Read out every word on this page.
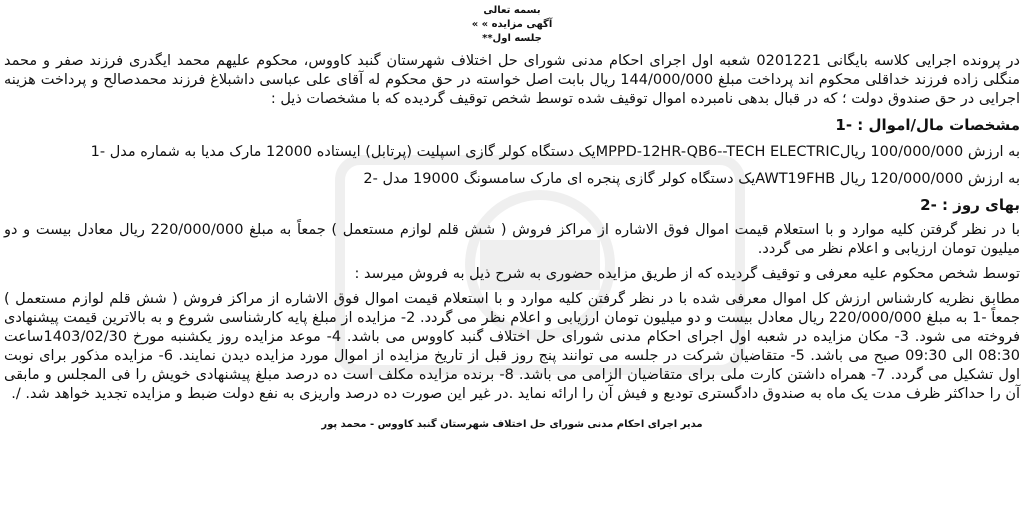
بسمه تعالی

آگهی مزایده » »

جلسه اول**

در پرونده اجرایی کلاسه بایگانی 0201221 شعبه اول اجرای احکام مدنی شورای حل اختلاف شهرستان گنبد کاووس، محکوم علیهم محمد ایگدری فرزند صفر و محمد منگلی زاده فرزند خداقلی محکوم اند پرداخت مبلغ 144/000/000 ریال بابت اصل خواسته در حق محکوم له آقای علی عباسی داشبلاغ فرزند محمدصالح و پرداخت هزینه اجرایی در حق صندوق دولت ؛ که در قبال بدهی نامبرده اموال توقیف شده توسط شخص توقیف گردیده که با مشخصات ذیل :

مشخصات مال/اموال : -1

به ارزش 100/000/000 ریالMPPD-12HR-QB6--TECH ELECTRICیک دستگاه کولر گازی اسپلیت (پرتابل) ایستاده 12000 مارک مدیا به شماره مدل -1

به ارزش 120/000/000 ریال AWT19FHBیک دستگاه کولر گازی پنجره ای مارک سامسونگ 19000 مدل -2

بهای روز : -2

با در نظر گرفتن کلیه موارد و با استعلام قیمت اموال فوق الاشاره از مراکز فروش ( شش قلم لوازم مستعمل ) جمعاً به مبلغ 220/000/000 ریال معادل بیست و دو میلیون تومان ارزیابی و اعلام نظر می گردد.

توسط شخص محکوم علیه معرفی و توقیف گردیده که از طریق مزایده حضوری به شرح ذیل به فروش میرسد :

مطابق نظریه کارشناس ارزش کل اموال معرفی شده با در نظر گرفتن کلیه موارد و با استعلام قیمت اموال فوق الاشاره از مراکز فروش ( شش قلم لوازم مستعمل ) جمعاً -1 به مبلغ 220/000/000 ریال معادل بیست و دو میلیون تومان ارزیابی و اعلام نظر می گردد. 2- مزایده از مبلغ پایه کارشناسی شروع و به بالاترین قیمت پیشنهادی فروخته می شود. 3- مکان مزایده در شعبه اول اجرای احکام مدنی شورای حل اختلاف گنبد کاووس می باشد. 4- موعد مزایده روز یکشنبه مورخ 1403/02/30ساعت 08:30 الی 09:30 صبح می باشد. 5- متقاضیان شرکت در جلسه می توانند پنج روز قبل از تاریخ مزایده از اموال مورد مزایده دیدن نمایند. 6- مزایده مذکور برای نوبت اول تشکیل می گردد. 7- همراه داشتن کارت ملی برای متقاضیان الزامی می باشد. 8- برنده مزایده مکلف است ده درصد مبلغ پیشنهادی خویش را فی المجلس و مابقی آن را حداکثر ظرف مدت یک ماه به صندوق دادگستری تودیع و فیش آن را ارائه نماید .در غیر این صورت ده درصد واریزی به نفع دولت ضبط و مزایده تجدید خواهد شد. /.

مدیر اجرای احکام مدنی شورای حل اختلاف شهرستان گنبد کاووس - محمد پور
